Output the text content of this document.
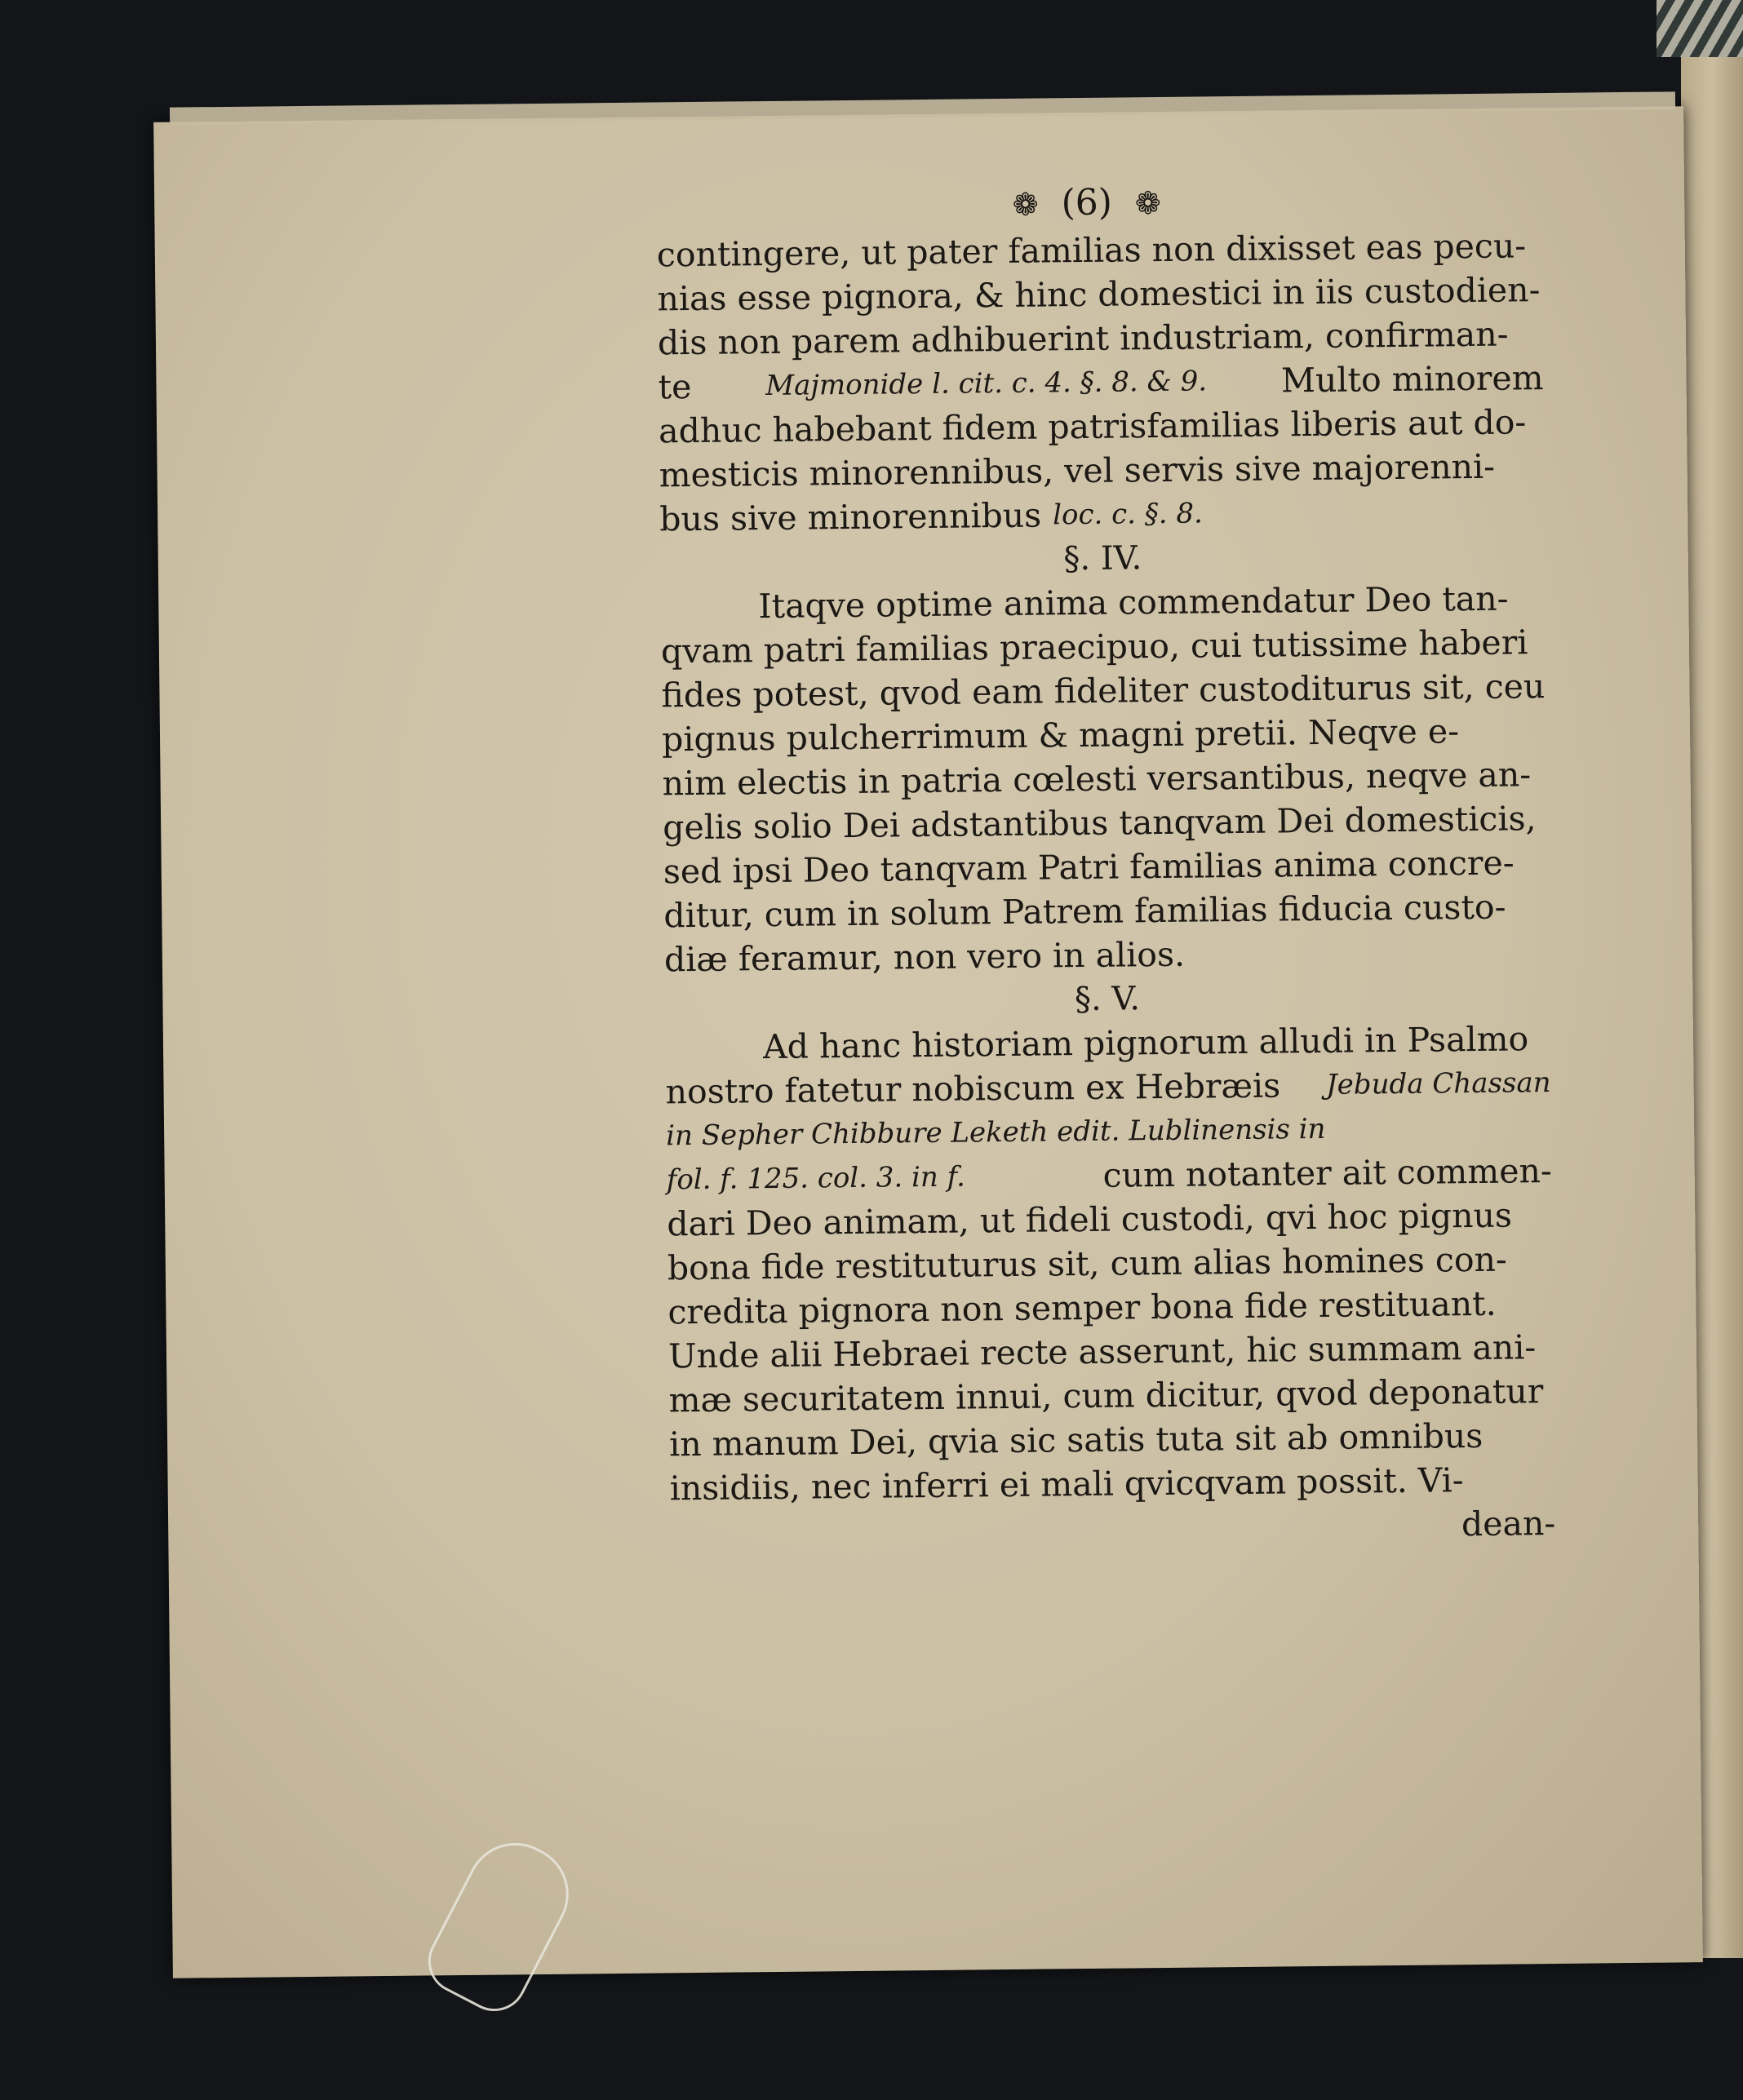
❁ (6) ❁
contingere, ut pater familias non dixisset eas pecu-
nias esse pignora, & hinc domestici in iis custodien-
dis non parem adhibuerint industriam, confirman-
te	Majmonide l. cit. c. 4. §. 8. & 9. Multo minorem
adhuc habebant fidem patrisfamilias liberis aut do-
mesticis minorennibus, vel servis sive majorenni-
bus sive minorennibus loc. c. §. 8.
§. IV.
Itaqve optime anima commendatur Deo tan-
qvam patri familias praecipuo, cui tutissime haberi
fides potest, qvod eam fideliter custoditurus sit, ceu
pignus pulcherrimum & magni pretii. Neqve e-
nim electis in patria cœlesti versantibus, neqve an-
gelis solio Dei adstantibus tanqvam Dei domesticis,
sed ipsi Deo tanqvam Patri familias anima concre-
ditur, cum in solum Patrem familias fiducia custo-
diæ feramur, non vero in alios.
§. V.
Ad hanc historiam pignorum alludi in Psalmo
nostro fatetur nobiscum ex Hebræis Jebuda Chassan
in Sepher Chibbure Leketh edit. Lublinensis in
fol. f. 125. col. 3. in f.	cum notanter ait commen-
dari Deo animam, ut fideli custodi, qvi hoc pignus
bona fide restituturus sit, cum alias homines con-
credita pignora non semper bona fide restituant.
Unde alii Hebraei recte asserunt, hic summam ani-
mæ securitatem innui, cum dicitur, qvod deponatur
in manum Dei, qvia sic satis tuta sit ab omnibus
insidiis, nec inferri ei mali qvicqvam possit. Vi-
dean-
